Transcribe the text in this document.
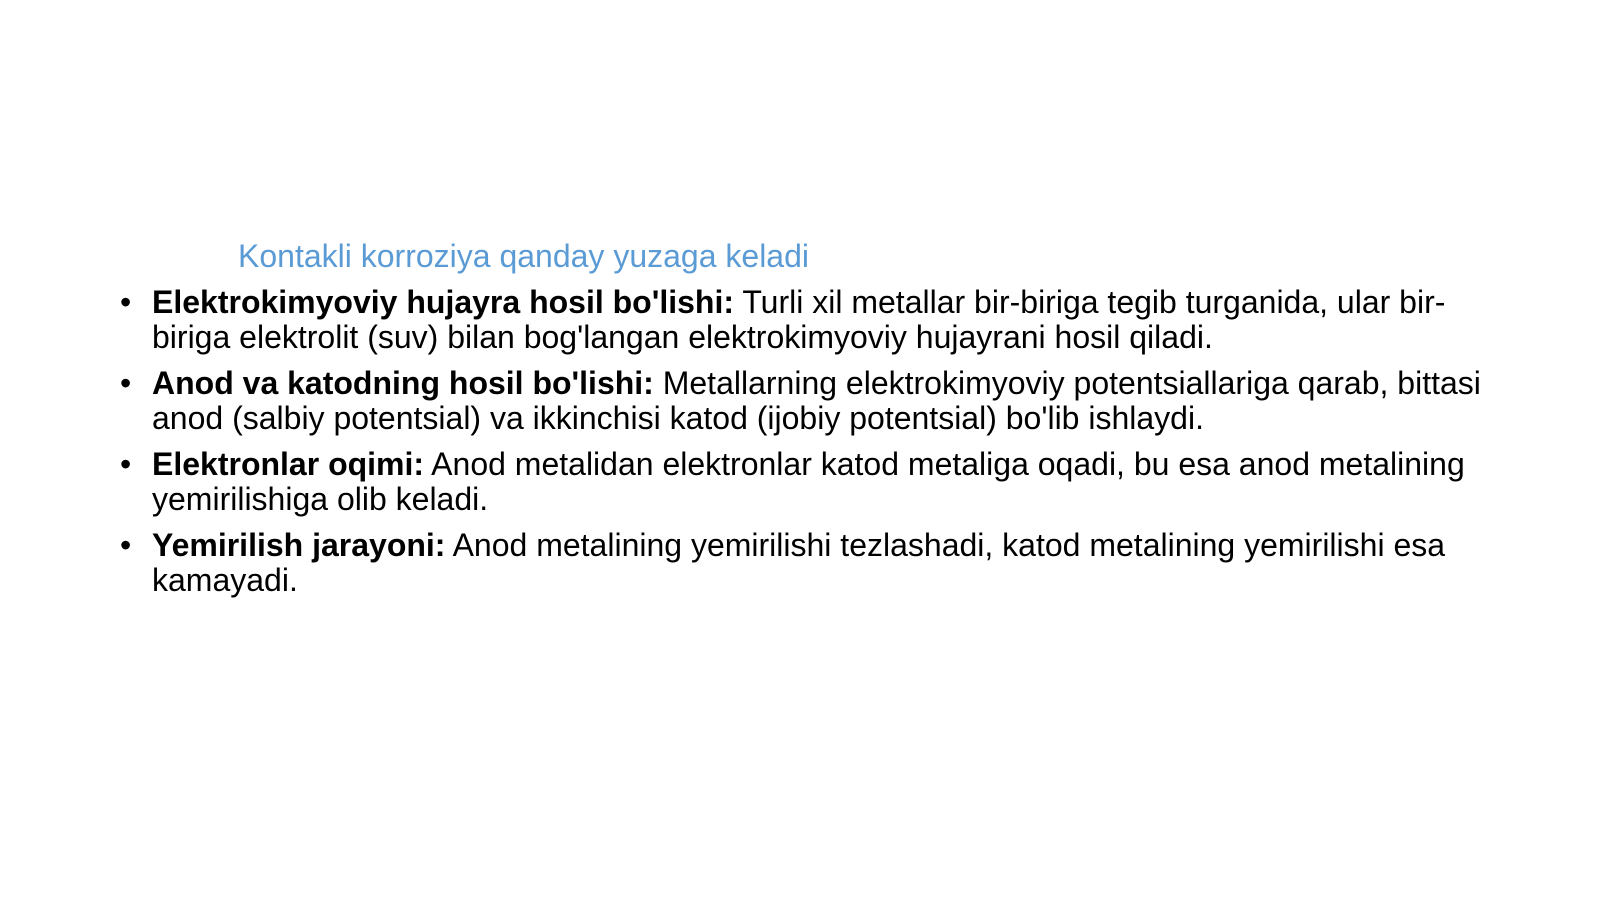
Kontakli korroziya qanday yuzaga keladi
• Elektrokimyoviy hujayra hosil bo'lishi: Turli xil metallar bir-biriga tegib turganida, ular bir-biriga elektrolit (suv) bilan bog'langan elektrokimyoviy hujayrani hosil qiladi.
• Anod va katodning hosil bo'lishi: Metallarning elektrokimyoviy potentsiallariga qarab, bittasi anod (salbiy potentsial) va ikkinchisi katod (ijobiy potentsial) bo'lib ishlaydi.
• Elektronlar oqimi: Anod metalidan elektronlar katod metaliga oqadi, bu esa anod metalining yemirilishiga olib keladi.
• Yemirilish jarayoni: Anod metalining yemirilishi tezlashadi, katod metalining yemirilishi esa kamayadi.
